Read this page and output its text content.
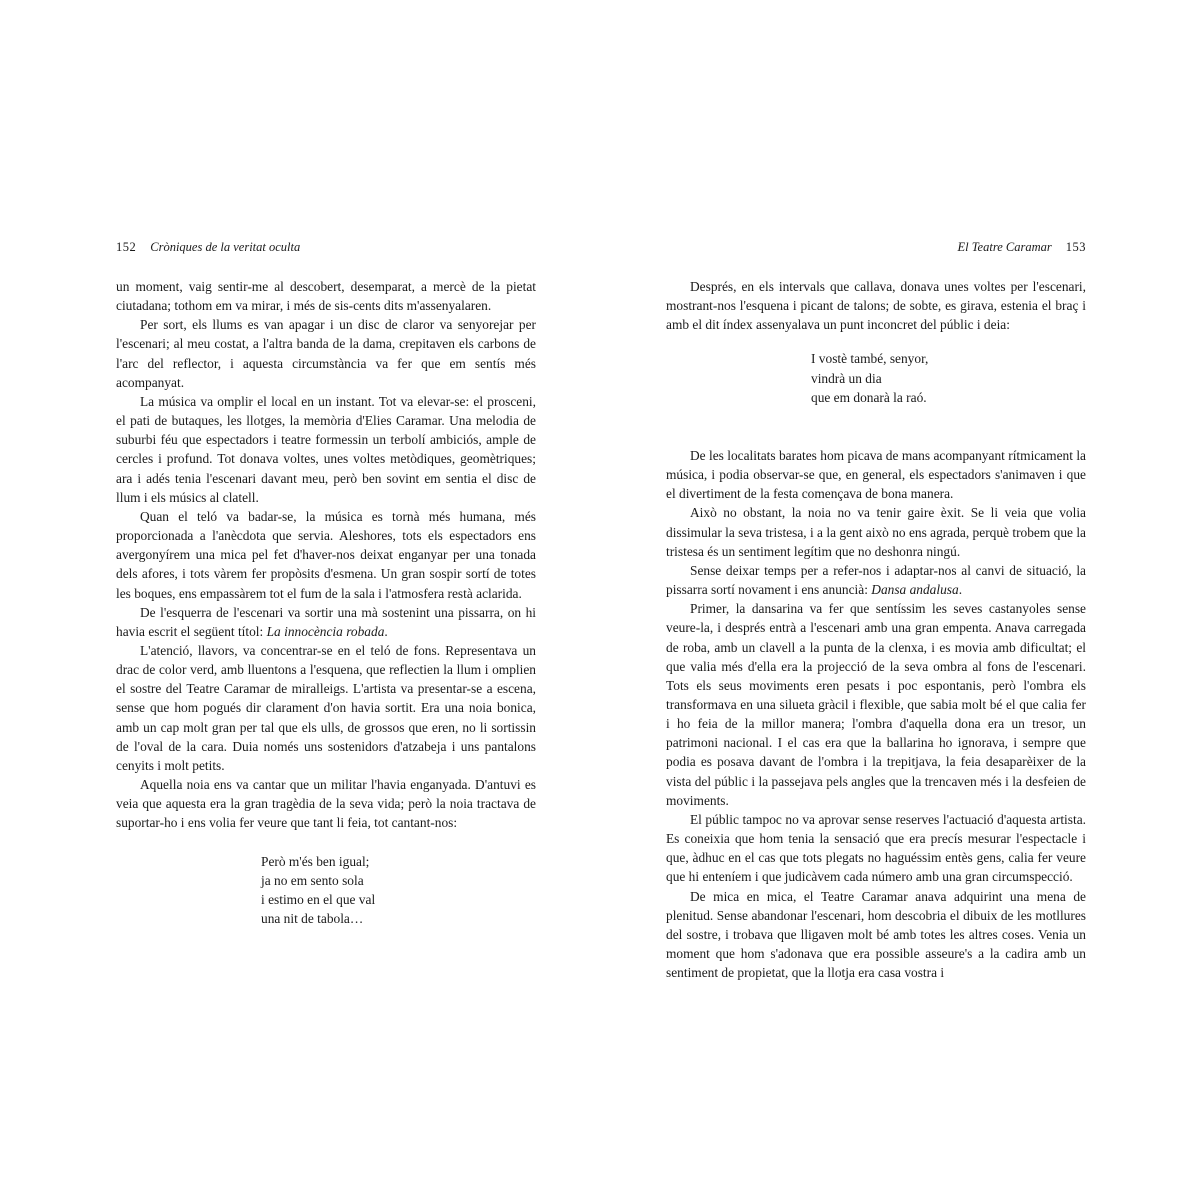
152 Cròniques de la veritat oculta

un moment, vaig sentir-me al descobert, desemparat, a mercè de la pietat ciutadana; tothom em va mirar, i més de sis-cents dits m'assenyalaren.

Per sort, els llums es van apagar i un disc de claror va senyorejar per l'escenari; al meu costat, a l'altra banda de la dama, crepitaven els carbons de l'arc del reflector, i aquesta circumstància va fer que em sentís més acompanyat.

La música va omplir el local en un instant. Tot va elevar-se: el prosceni, el pati de butaques, les llotges, la memòria d'Elies Caramar. Una melodia de suburbi féu que espectadors i teatre formessin un terbolí ambiciós, ample de cercles i profund. Tot donava voltes, unes voltes metòdiques, geomètriques; ara i adés tenia l'escenari davant meu, però ben sovint em sentia el disc de llum i els músics al clatell.

Quan el teló va badar-se, la música es tornà més humana, més proporcionada a l'anècdota que servia. Aleshores, tots els espectadors ens avergonyírem una mica pel fet d'haver-nos deixat enganyar per una tonada dels afores, i tots vàrem fer propòsits d'esmena. Un gran sospir sortí de totes les boques, ens empassàrem tot el fum de la sala i l'atmosfera restà aclarida.

De l'esquerra de l'escenari va sortir una mà sostenint una pissarra, on hi havia escrit el següent títol: La innocència robada.

L'atenció, llavors, va concentrar-se en el teló de fons. Representava un drac de color verd, amb lluentons a l'esquena, que reflectien la llum i omplien el sostre del Teatre Caramar de miralleigs. L'artista va presentar-se a escena, sense que hom pogués dir clarament d'on havia sortit. Era una noia bonica, amb un cap molt gran per tal que els ulls, de grossos que eren, no li sortissin de l'oval de la cara. Duia només uns sostenidors d'atzabeja i uns pantalons cenyits i molt petits.

Aquella noia ens va cantar que un militar l'havia enganyada. D'antuvi es veia que aquesta era la gran tragèdia de la seva vida; però la noia tractava de suportar-ho i ens volia fer veure que tant li feia, tot cantant-nos:

Però m'és ben igual;
ja no em sento sola
i estimo en el que val
una nit de tabola…
El Teatre Caramar 153

Després, en els intervals que callava, donava unes voltes per l'escenari, mostrant-nos l'esquena i picant de talons; de sobte, es girava, estenia el braç i amb el dit índex assenyalava un punt inconcret del públic i deia:

I vostè també, senyor,
vindrà un dia
que em donarà la raó.

De les localitats barates hom picava de mans acompanyant rítmicament la música, i podia observar-se que, en general, els espectadors s'animaven i que el divertiment de la festa començava de bona manera.

Això no obstant, la noia no va tenir gaire èxit. Se li veia que volia dissimular la seva tristesa, i a la gent això no ens agrada, perquè trobem que la tristesa és un sentiment legítim que no deshonra ningú.

Sense deixar temps per a refer-nos i adaptar-nos al canvi de situació, la pissarra sortí novament i ens anuncià: Dansa andalusa.

Primer, la dansarina va fer que sentíssim les seves castanyoles sense veure-la, i després entrà a l'escenari amb una gran empenta. Anava carregada de roba, amb un clavell a la punta de la clenxa, i es movia amb dificultat; el que valia més d'ella era la projecció de la seva ombra al fons de l'escenari. Tots els seus moviments eren pesats i poc espontanis, però l'ombra els transformava en una silueta gràcil i flexible, que sabia molt bé el que calia fer i ho feia de la millor manera; l'ombra d'aquella dona era un tresor, un patrimoni nacional. I el cas era que la ballarina ho ignorava, i sempre que podia es posava davant de l'ombra i la trepitjava, la feia desaparèixer de la vista del públic i la passejava pels angles que la trencaven més i la desfeien de moviments.

El públic tampoc no va aprovar sense reserves l'actuació d'aquesta artista. Es coneixia que hom tenia la sensació que era precís mesurar l'espectacle i que, àdhuc en el cas que tots plegats no haguéssim entès gens, calia fer veure que hi enteníem i que judicàvem cada número amb una gran circumspecció.

De mica en mica, el Teatre Caramar anava adquirint una mena de plenitud. Sense abandonar l'escenari, hom descobria el dibuix de les motllures del sostre, i trobava que lligaven molt bé amb totes les altres coses. Venia un moment que hom s'adonava que era possible asseure's a la cadira amb un sentiment de propietat, que la llotja era casa vostra i
